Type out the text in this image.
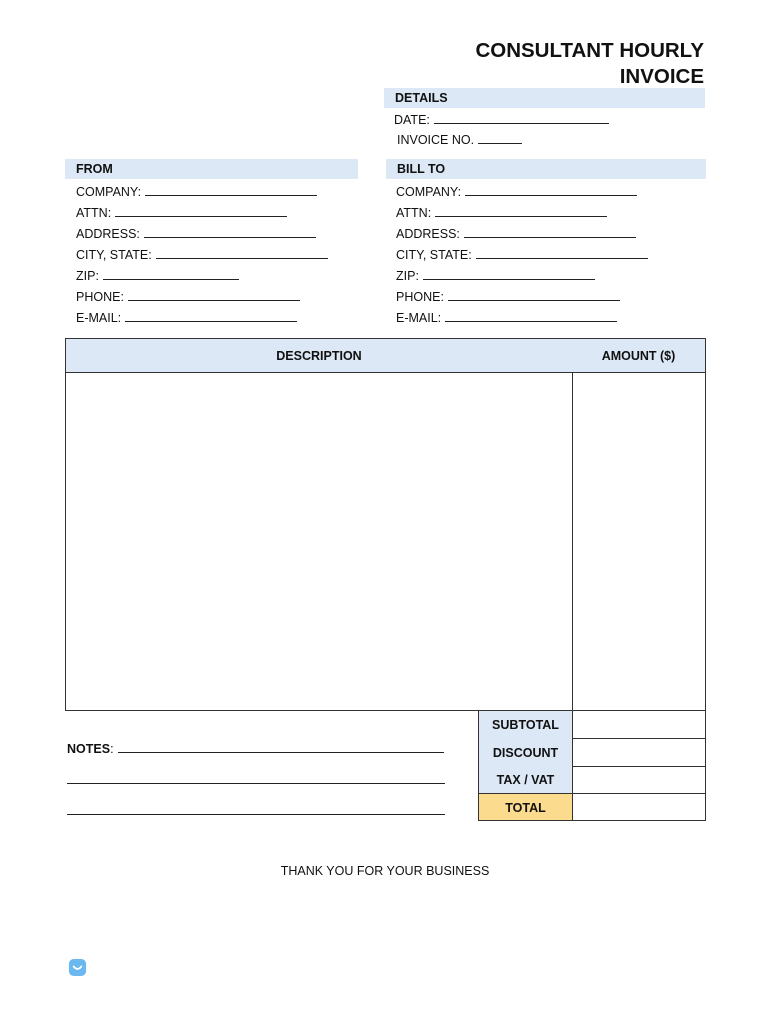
CONSULTANT HOURLY
INVOICE
DETAILS
DATE:
INVOICE NO.
FROM
COMPANY:
ATTN:
ADDRESS:
CITY, STATE:
ZIP:
PHONE:
E-MAIL:
BILL TO
COMPANY:
ATTN:
ADDRESS:
CITY, STATE:
ZIP:
PHONE:
E-MAIL:
DESCRIPTION	AMOUNT ($)
SUBTOTAL
DISCOUNT
TAX / VAT
TOTAL
NOTES:
THANK YOU FOR YOUR BUSINESS
